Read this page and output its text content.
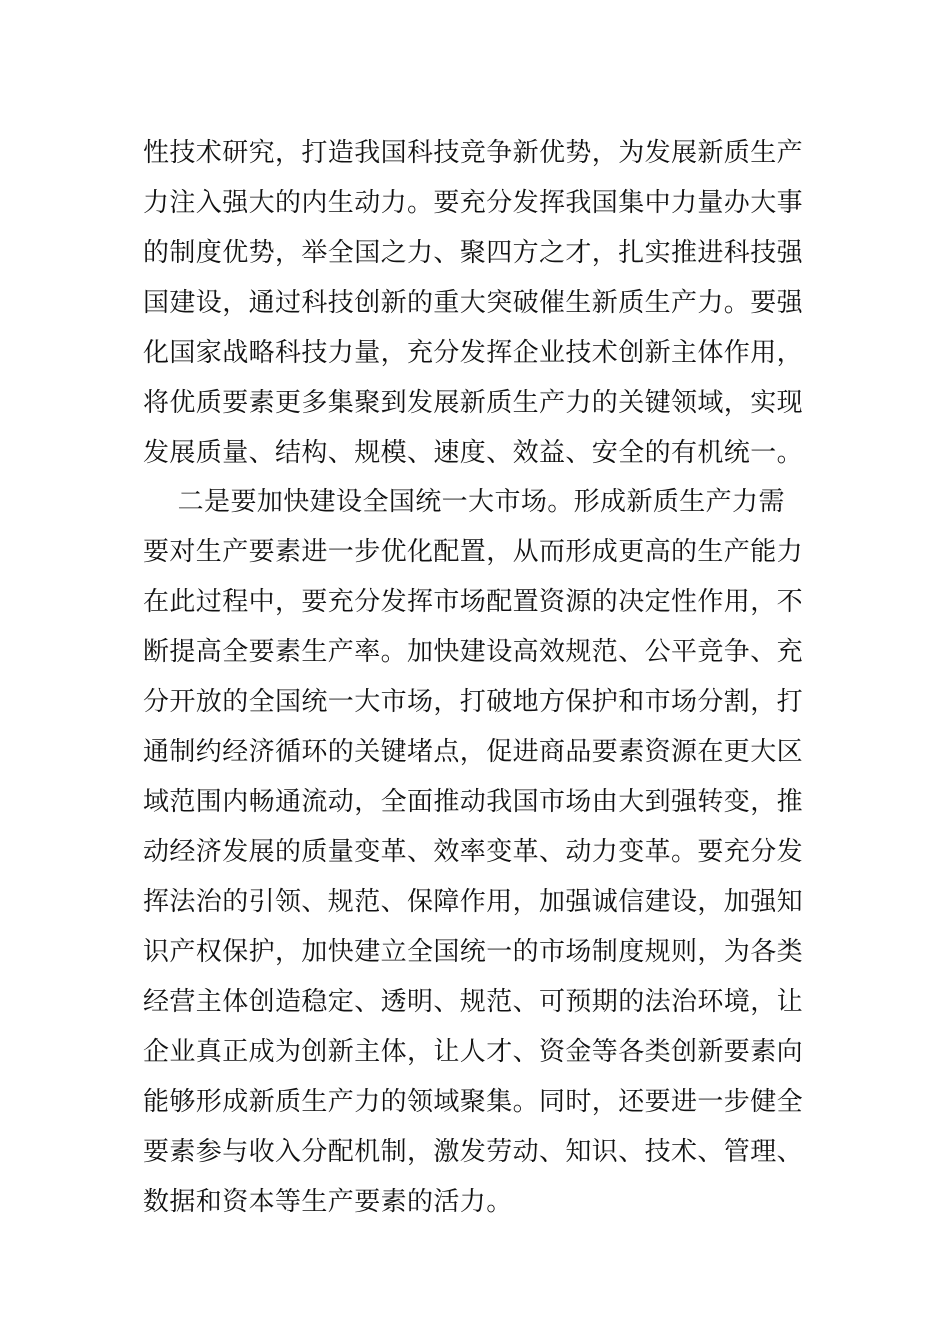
性技术研究，打造我国科技竞争新优势，为发展新质生产
力注入强大的内生动力。要充分发挥我国集中力量办大事
的制度优势，举全国之力、聚四方之才，扎实推进科技强
国建设，通过科技创新的重大突破催生新质生产力。要强
化国家战略科技力量，充分发挥企业技术创新主体作用，
将优质要素更多集聚到发展新质生产力的关键领域，实现
发展质量、结构、规模、速度、效益、安全的有机统一。
二是要加快建设全国统一大市场。形成新质生产力需
要对生产要素进一步优化配置，从而形成更高的生产能力
在此过程中，要充分发挥市场配置资源的决定性作用，不
断提高全要素生产率。加快建设高效规范、公平竞争、充
分开放的全国统一大市场，打破地方保护和市场分割，打
通制约经济循环的关键堵点，促进商品要素资源在更大区
域范围内畅通流动，全面推动我国市场由大到强转变，推
动经济发展的质量变革、效率变革、动力变革。要充分发
挥法治的引领、规范、保障作用，加强诚信建设，加强知
识产权保护，加快建立全国统一的市场制度规则，为各类
经营主体创造稳定、透明、规范、可预期的法治环境，让
企业真正成为创新主体，让人才、资金等各类创新要素向
能够形成新质生产力的领域聚集。同时，还要进一步健全
要素参与收入分配机制，激发劳动、知识、技术、管理、
数据和资本等生产要素的活力。
